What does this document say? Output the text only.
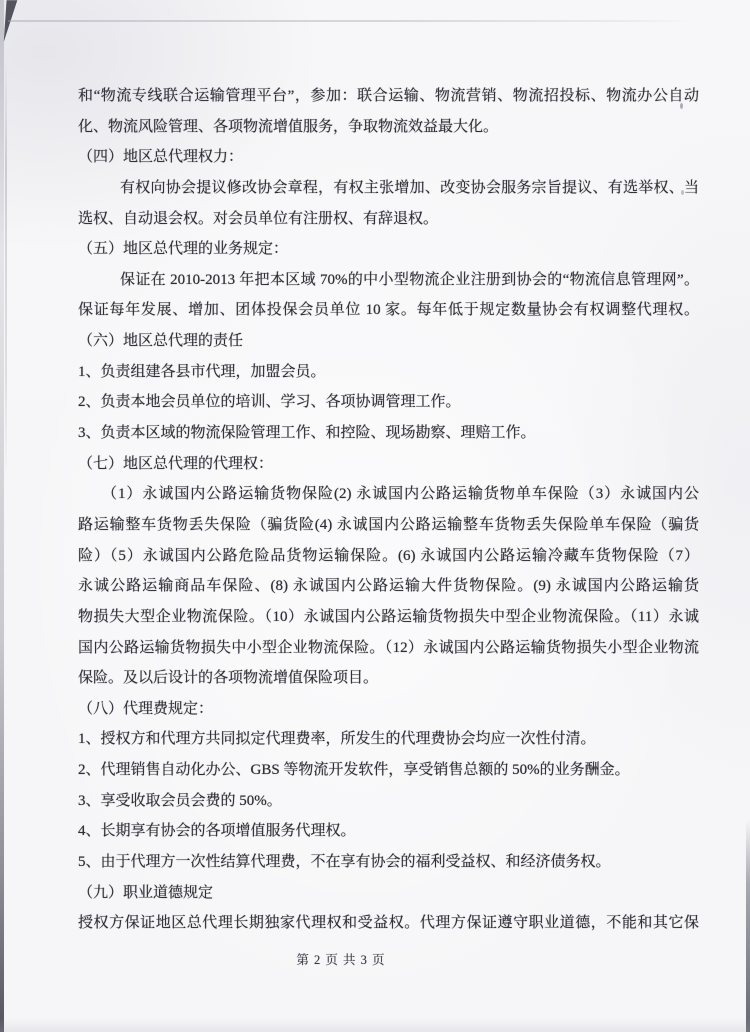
和“物流专线联合运输管理平台”，参加：联合运输、物流营销、物流招投标、物流办公自动
化、物流风险管理、各项物流增值服务，争取物流效益最大化。
（四）地区总代理权力：
有权向协会提议修改协会章程，有权主张增加、改变协会服务宗旨提议、有选举权、当
选权、自动退会权。对会员单位有注册权、有辞退权。
（五）地区总代理的业务规定：
保证在 2010-2013 年把本区域 70%的中小型物流企业注册到协会的“物流信息管理网”。
保证每年发展、增加、团体投保会员单位 10 家。每年低于规定数量协会有权调整代理权。
（六）地区总代理的责任
1、负责组建各县市代理，加盟会员。
2、负责本地会员单位的培训、学习、各项协调管理工作。
3、负责本区域的物流保险管理工作、和控险、现场勘察、理赔工作。
（七）地区总代理的代理权：
（1）永诚国内公路运输货物保险(2) 永诚国内公路运输货物单车保险（3）永诚国内公
路运输整车货物丢失保险（骗货险(4) 永诚国内公路运输整车货物丢失保险单车保险（骗货
险）（5）永诚国内公路危险品货物运输保险。(6) 永诚国内公路运输冷藏车货物保险（7）
永诚公路运输商品车保险、(8) 永诚国内公路运输大件货物保险。(9) 永诚国内公路运输货
物损失大型企业物流保险。（10）永诚国内公路运输货物损失中型企业物流保险。（11）永诚
国内公路运输货物损失中小型企业物流保险。（12）永诚国内公路运输货物损失小型企业物流
保险。及以后设计的各项物流增值保险项目。
（八）代理费规定：
1、授权方和代理方共同拟定代理费率，所发生的代理费协会均应一次性付清。
2、代理销售自动化办公、GBS 等物流开发软件，享受销售总额的 50%的业务酬金。
3、享受收取会员会费的 50%。
4、长期享有协会的各项增值服务代理权。
5、由于代理方一次性结算代理费，不在享有协会的福利受益权、和经济债务权。
（九）职业道德规定
授权方保证地区总代理长期独家代理权和受益权。代理方保证遵守职业道德，不能和其它保
第 2 页 共 3 页
